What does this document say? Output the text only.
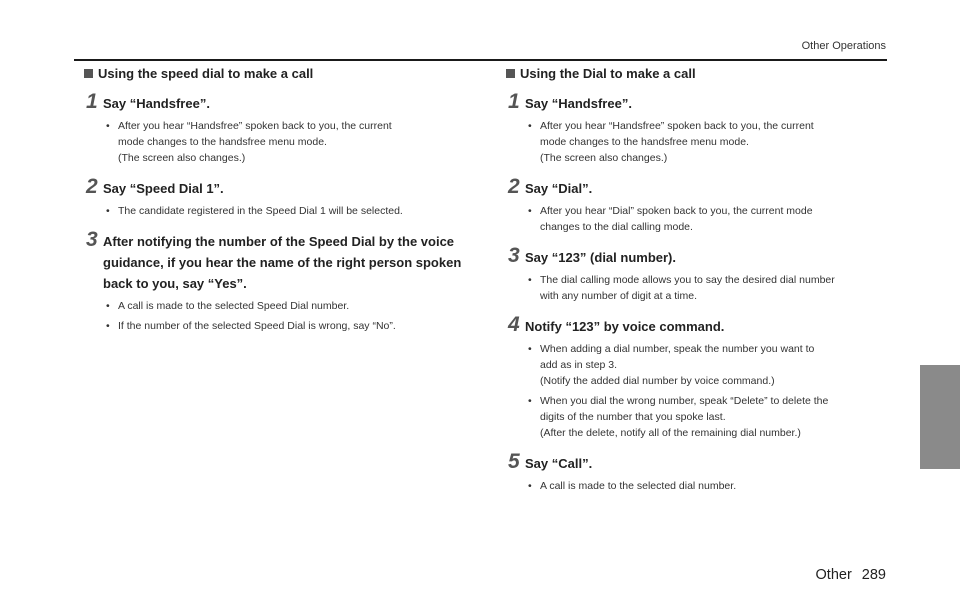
Other Operations
Using the speed dial to make a call
1 Say “Handsfree”.
• After you hear “Handsfree” spoken back to you, the current
mode changes to the handsfree menu mode.
(The screen also changes.)
2 Say “Speed Dial 1”.
• The candidate registered in the Speed Dial 1 will be selected.
3 After notifying the number of the Speed Dial by the voice guidance, if you hear the name of the right person spoken back to you, say “Yes”.
• A call is made to the selected Speed Dial number.
• If the number of the selected Speed Dial is wrong, say “No”.
Using the Dial to make a call
1 Say “Handsfree”.
• After you hear “Handsfree” spoken back to you, the current
mode changes to the handsfree menu mode.
(The screen also changes.)
2 Say “Dial”.
• After you hear “Dial” spoken back to you, the current mode
changes to the dial calling mode.
3 Say “123” (dial number).
• The dial calling mode allows you to say the desired dial number
with any number of digit at a time.
4 Notify “123” by voice command.
• When adding a dial number, speak the number you want to
add as in step 3.
(Notify the added dial number by voice command.)
• When you dial the wrong number, speak “Delete” to delete the
digits of the number that you spoke last.
(After the delete, notify all of the remaining dial number.)
5 Say “Call”.
• A call is made to the selected dial number.
Other 289
